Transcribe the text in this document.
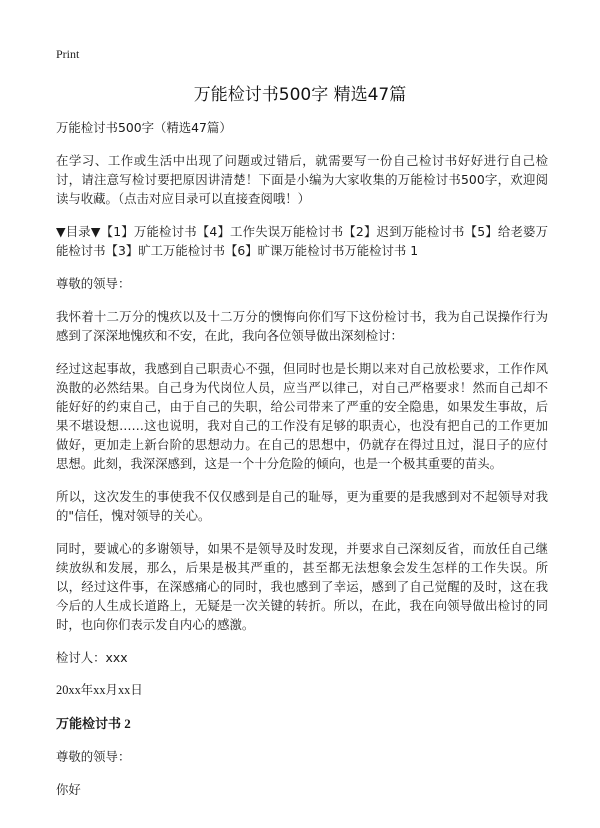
Print
万能检讨书500字 精选47篇

万能检讨书500字（精选47篇）

在学习、工作或生活中出现了问题或过错后，就需要写一份自己检讨书好好进行自己检讨，请注意写检讨要把原因讲清楚！下面是小编为大家收集的万能检讨书500字，欢迎阅读与收藏。（点击对应目录可以直接查阅哦！）

▼目录▼【1】万能检讨书【4】工作失误万能检讨书【2】迟到万能检讨书【5】给老婆万能检讨书【3】旷工万能检讨书【6】旷课万能检讨书万能检讨书 1

尊敬的领导：

我怀着十二万分的愧疚以及十二万分的懊悔向你们写下这份检讨书，我为自己误操作行为感到了深深地愧疚和不安，在此，我向各位领导做出深刻检讨：

经过这起事故，我感到自己职责心不强，但同时也是长期以来对自己放松要求，工作作风涣散的必然结果。自己身为代岗位人员，应当严以律己，对自己严格要求！然而自己却不能好好的约束自己，由于自己的失职，给公司带来了严重的安全隐患，如果发生事故，后果不堪设想……这也说明，我对自己的工作没有足够的职责心，也没有把自己的工作更加做好，更加走上新台阶的思想动力。在自己的思想中，仍就存在得过且过，混日子的应付思想。此刻，我深深感到，这是一个十分危险的倾向，也是一个极其重要的苗头。

所以，这次发生的事使我不仅仅感到是自己的耻辱，更为重要的是我感到对不起领导对我的"信任，愧对领导的关心。

同时，要诚心的多谢领导，如果不是领导及时发现，并要求自己深刻反省，而放任自己继续放纵和发展，那么，后果是极其严重的，甚至都无法想象会发生怎样的工作失误。所以，经过这件事，在深感痛心的同时，我也感到了幸运，感到了自己觉醒的及时，这在我今后的人生成长道路上，无疑是一次关键的转折。所以，在此，我在向领导做出检讨的同时，也向你们表示发自内心的感激。

检讨人：xxx

20xx年xx月xx日

万能检讨书 2

尊敬的领导：

你好
